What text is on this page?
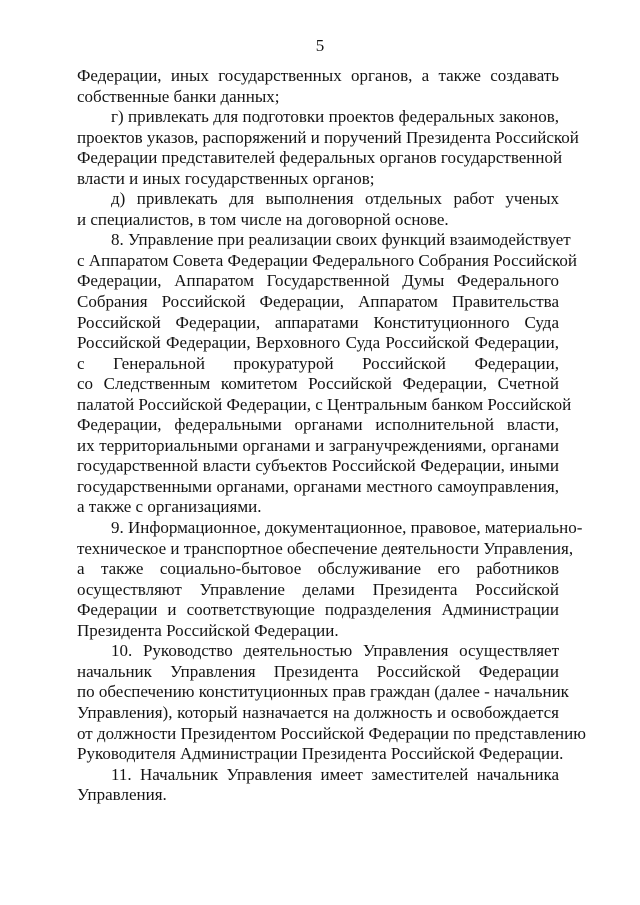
5
Федерации, иных государственных органов, а также создавать
собственные банки данных;
г) привлекать для подготовки проектов федеральных законов,
проектов указов, распоряжений и поручений Президента Российской
Федерации представителей федеральных органов государственной
власти и иных государственных органов;
д) привлекать для выполнения отдельных работ ученых
и специалистов, в том числе на договорной основе.
8. Управление при реализации своих функций взаимодействует
с Аппаратом Совета Федерации Федерального Собрания Российской
Федерации, Аппаратом Государственной Думы Федерального
Собрания Российской Федерации, Аппаратом Правительства
Российской Федерации, аппаратами Конституционного Суда
Российской Федерации, Верховного Суда Российской Федерации,
с Генеральной прокуратурой Российской Федерации,
со Следственным комитетом Российской Федерации, Счетной
палатой Российской Федерации, с Центральным банком Российской
Федерации, федеральными органами исполнительной власти,
их территориальными органами и загранучреждениями, органами
государственной власти субъектов Российской Федерации, иными
государственными органами, органами местного самоуправления,
а также с организациями.
9. Информационное, документационное, правовое, материально-
техническое и транспортное обеспечение деятельности Управления,
а также социально-бытовое обслуживание его работников
осуществляют Управление делами Президента Российской
Федерации и соответствующие подразделения Администрации
Президента Российской Федерации.
10. Руководство деятельностью Управления осуществляет
начальник Управления Президента Российской Федерации
по обеспечению конституционных прав граждан (далее - начальник
Управления), который назначается на должность и освобождается
от должности Президентом Российской Федерации по представлению
Руководителя Администрации Президента Российской Федерации.
11. Начальник Управления имеет заместителей начальника
Управления.
